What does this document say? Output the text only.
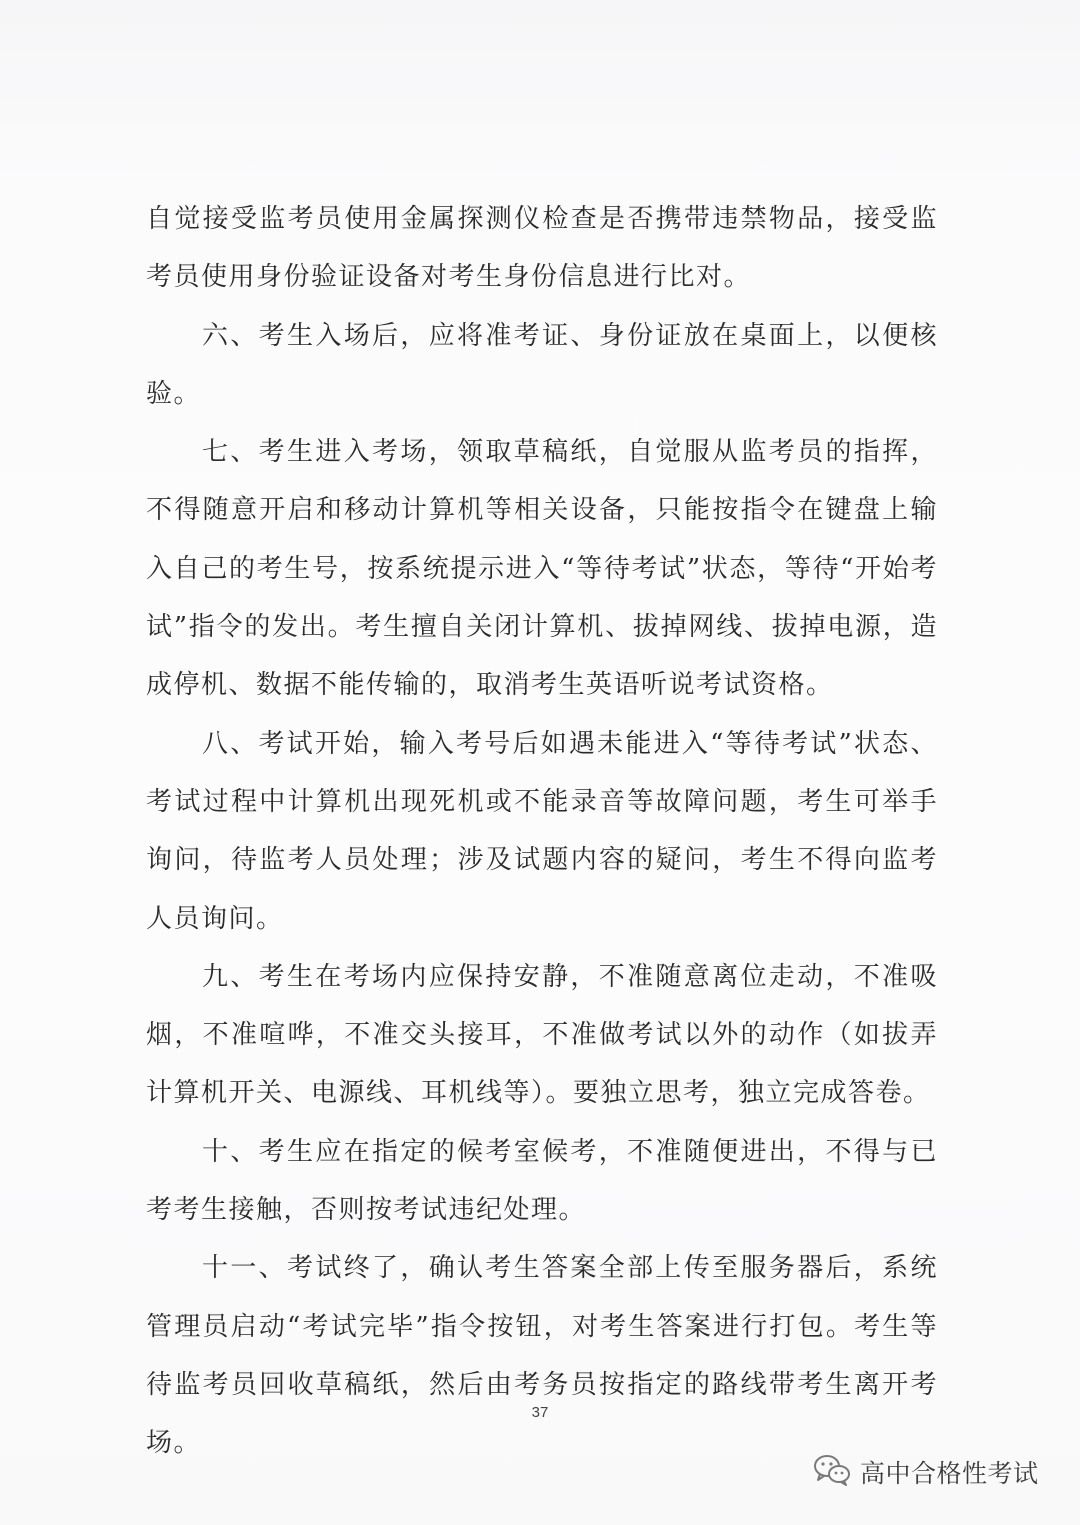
自觉接受监考员使用金属探测仪检查是否携带违禁物品，接受监考员使用身份验证设备对考生身份信息进行比对。

六、考生入场后，应将准考证、身份证放在桌面上，以便核验。

七、考生进入考场，领取草稿纸，自觉服从监考员的指挥，不得随意开启和移动计算机等相关设备，只能按指令在键盘上输入自己的考生号，按系统提示进入“等待考试”状态，等待“开始考试”指令的发出。考生擅自关闭计算机、拔掉网线、拔掉电源，造成停机、数据不能传输的，取消考生英语听说考试资格。

八、考试开始，输入考号后如遇未能进入“等待考试”状态、考试过程中计算机出现死机或不能录音等故障问题，考生可举手询问，待监考人员处理；涉及试题内容的疑问，考生不得向监考人员询问。

九、考生在考场内应保持安静，不准随意离位走动，不准吸烟，不准喧哗，不准交头接耳，不准做考试以外的动作（如拔弄计算机开关、电源线、耳机线等）。要独立思考，独立完成答卷。

十、考生应在指定的候考室候考，不准随便进出，不得与已考考生接触，否则按考试违纪处理。

十一、考试终了，确认考生答案全部上传至服务器后，系统管理员启动“考试完毕”指令按钮，对考生答案进行打包。考生等待监考员回收草稿纸，然后由考务员按指定的路线带考生离开考场。

37
高中合格性考试
